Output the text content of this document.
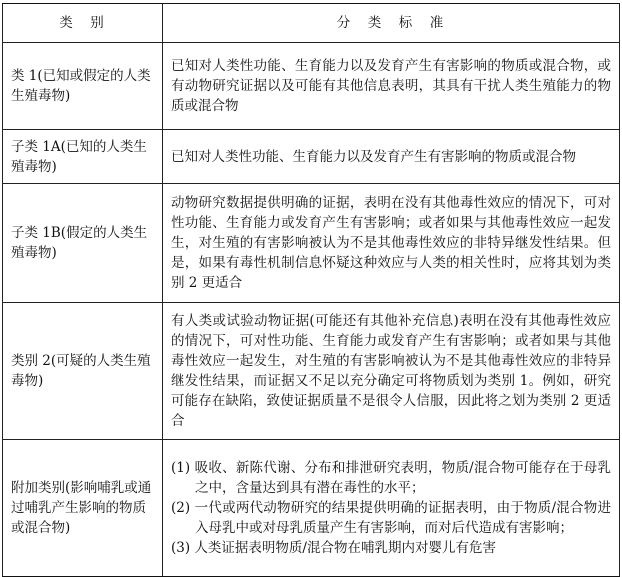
类　别	分　类　标　准
类 1(已知或假定的人类生殖毒物)	已知对人类性功能、生育能力以及发育产生有害影响的物质或混合物，或有动物研究证据以及可能有其他信息表明，其具有干扰人类生殖能力的物质或混合物
子类 1A(已知的人类生殖毒物)	已知对人类性功能、生育能力以及发育产生有害影响的物质或混合物
子类 1B(假定的人类生殖毒物)	动物研究数据提供明确的证据，表明在没有其他毒性效应的情况下，可对性功能、生育能力或发育产生有害影响；或者如果与其他毒性效应一起发生，对生殖的有害影响被认为不是其他毒性效应的非特异继发性结果。但是，如果有毒性机制信息怀疑这种效应与人类的相关性时，应将其划为类别 2 更适合
类别 2(可疑的人类生殖毒物)	有人类或试验动物证据(可能还有其他补充信息)表明在没有其他毒性效应的情况下，可对性功能、生育能力或发育产生有害影响；或者如果与其他毒性效应一起发生，对生殖的有害影响被认为不是其他毒性效应的非特异继发性结果，而证据又不足以充分确定可将物质划为类别 1。例如，研究可能存在缺陷，致使证据质量不是很令人信服，因此将之划为类别 2 更适合
附加类别(影响哺乳或通过哺乳产生影响的物质或混合物)	(1) 吸收、新陈代谢、分布和排泄研究表明，物质/混合物可能存在于母乳之中，含量达到具有潜在毒性的水平；
(2) 一代或两代动物研究的结果提供明确的证据表明，由于物质/混合物进入母乳中或对母乳质量产生有害影响，而对后代造成有害影响；
(3) 人类证据表明物质/混合物在哺乳期内对婴儿有危害
